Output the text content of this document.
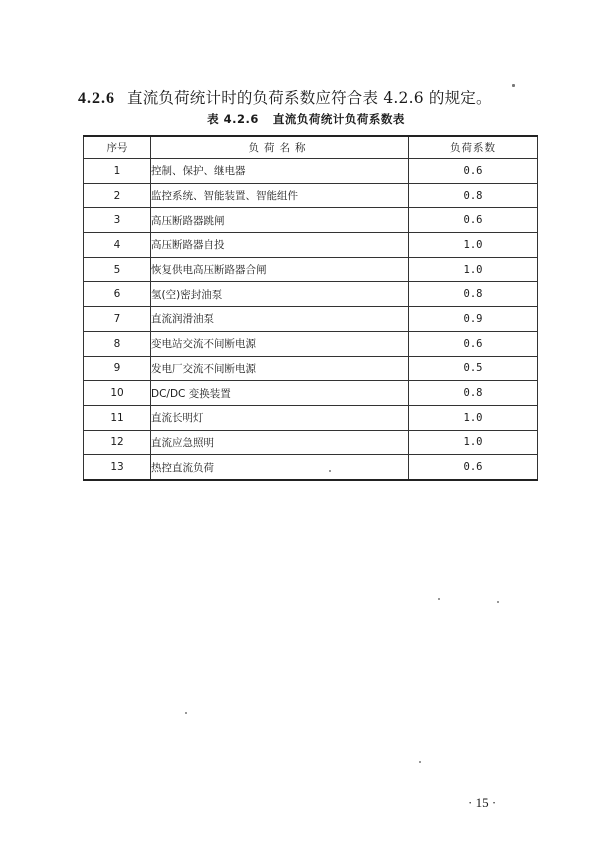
4.2.6 直流负荷统计时的负荷系数应符合表 4.2.6 的规定。
表 4.2.6 直流负荷统计负荷系数表
序号	负荷名称	负荷系数
1	控制、保护、继电器	0.6
2	监控系统、智能装置、智能组件	0.8
3	高压断路器跳闸	0.6
4	高压断路器自投	1.0
5	恢复供电高压断路器合闸	1.0
6	氢(空)密封油泵	0.8
7	直流润滑油泵	0.9
8	变电站交流不间断电源	0.6
9	发电厂交流不间断电源	0.5
10	DC/DC 变换装置	0.8
11	直流长明灯	1.0
12	直流应急照明	1.0
13	热控直流负荷	0.6
· 15 ·
